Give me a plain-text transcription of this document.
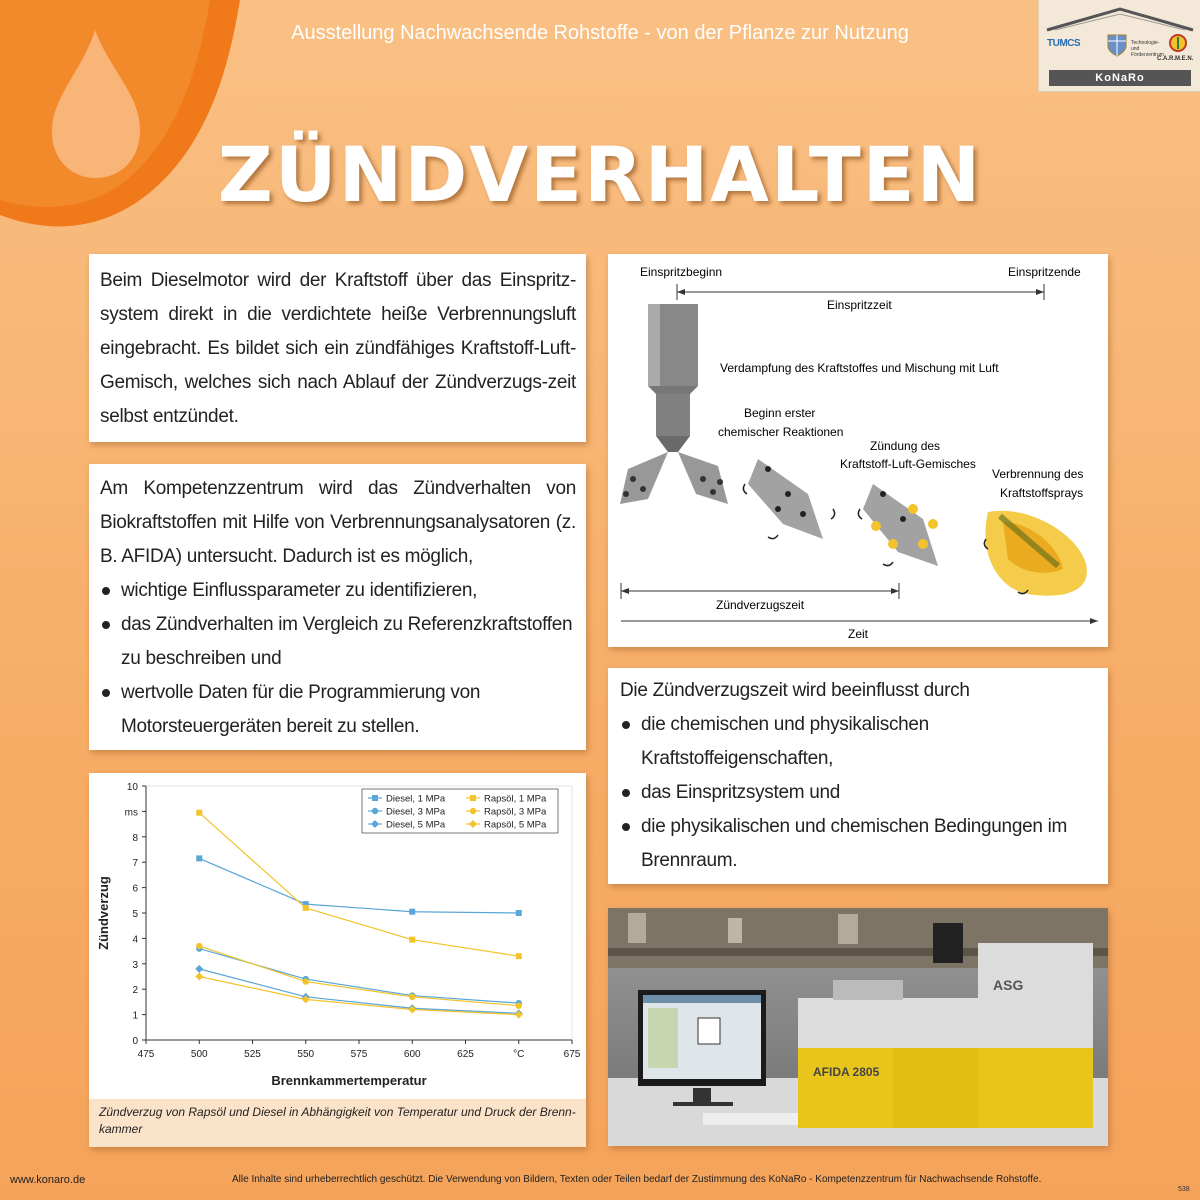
Ausstellung Nachwachsende Rohstoffe - von der Pflanze zur Nutzung	TUMCS	Technologie- und Förderzentrum
C.A.R.M.E.N.
KoNaRo
ZÜNDVERHALTEN

Beim Dieselmotor wird der Kraftstoff über das Einspritz-system direkt in die verdichtete heiße Verbrennungsluft eingebracht. Es bildet sich ein zündfähiges Kraftstoff-Luft- Gemisch, welches sich nach Ablauf der Zündverzugs-zeit selbst entzündet.

Am Kompetenzzentrum wird das Zündverhalten von Biokraftstoffen mit Hilfe von Verbrennungsanalysatoren (z. B. AFIDA) untersucht. Dadurch ist es möglich,

wichtige Einflussparameter zu identifizieren,
das Zündverhalten im Vergleich zu Referenzkraftstoffen zu beschreiben und
wertvolle Daten für die Programmierung von Motorsteuergeräten bereit zu stellen.
Einspritzbeginn	Einspritzende
Einspritzzeit
Verdampfung des Kraftstoffes und Mischung mit Luft
Beginn erster
chemischer Reaktionen
Zündung des
Kraftstoff-Luft-Gemisches
Verbrennung des
Kraftstoffsprays
Zündverzugszeit
Zeit

Die Zündverzugszeit wird beeinflusst durch

die chemischen und physikalischen Kraftstoffeigenschaften,
das Einspritzsystem und
die physikalischen und chemischen Bedingungen im Brennraum.
0
1
2
3
4
5
6
7
8
ms
10
475	500	525	550	575	600	625	°C	675
Brennkammertemperatur
Zündverzug
Diesel, 1 MPa
Diesel, 3 MPa
Diesel, 5 MPa
Rapsöl, 1 MPa
Rapsöl, 3 MPa
Rapsöl, 5 MPa
Zündverzug von Rapsöl und Diesel in Abhängigkeit von Temperatur und Druck der Brenn-kammer
ASG
AFIDA 2805
www.konaro.de	Alle Inhalte sind urheberrechtlich geschützt. Die Verwendung von Bildern, Texten oder Teilen bedarf der Zustimmung des KoNaRo - Kompetenzzentrum für Nachwachsende Rohstoffe.
538
